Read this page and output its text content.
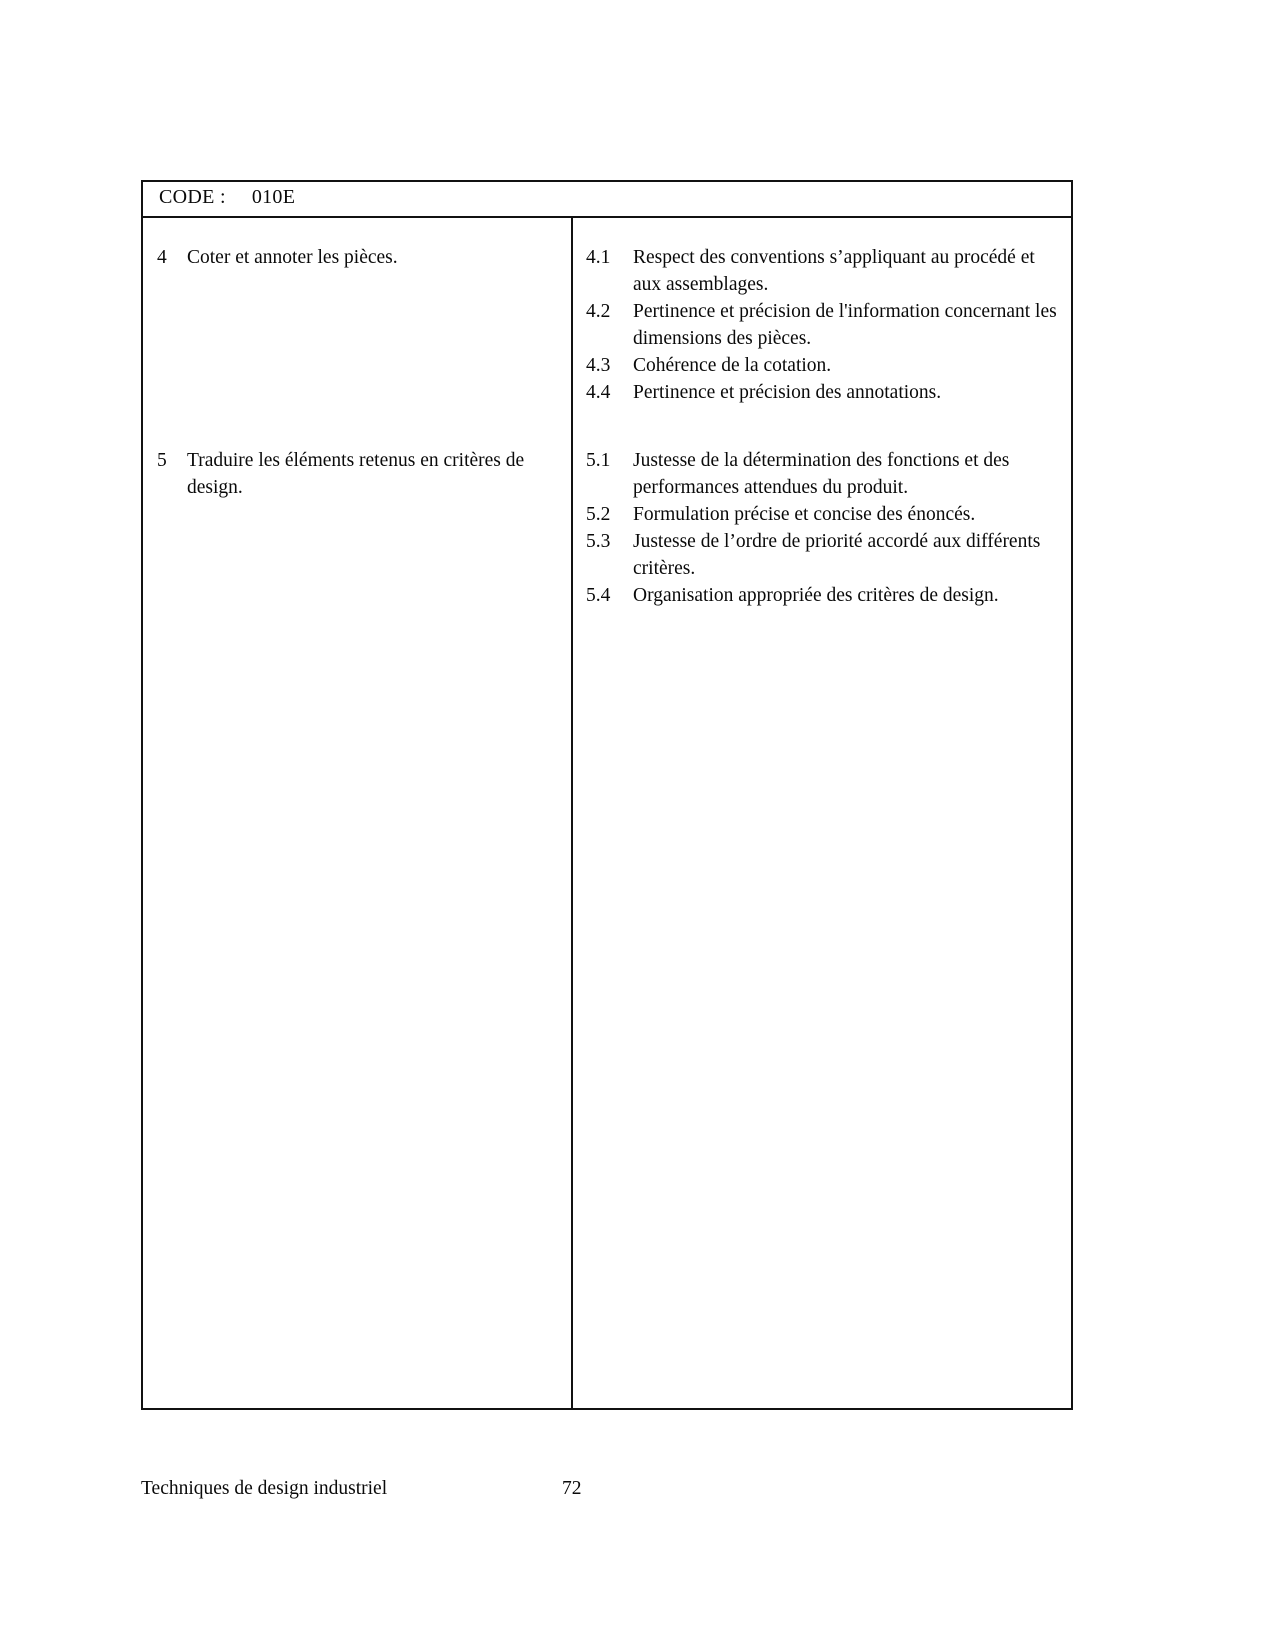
CODE : 010E
4	Coter et annoter les pièces.	4.1	Respect des conventions s’appliquant au procédé et aux assemblages.
4.2	Pertinence et précision de l'information concernant les dimensions des pièces.
4.3	Cohérence de la cotation.
4.4	Pertinence et précision des annotations.
5	Traduire les éléments retenus en critères de design.
5.1	Justesse de la détermination des fonctions et des performances attendues du produit.
5.2	Formulation précise et concise des énoncés.
5.3	Justesse de l’ordre de priorité accordé aux différents critères.
5.4	Organisation appropriée des critères de design.
Techniques de design industriel	72
